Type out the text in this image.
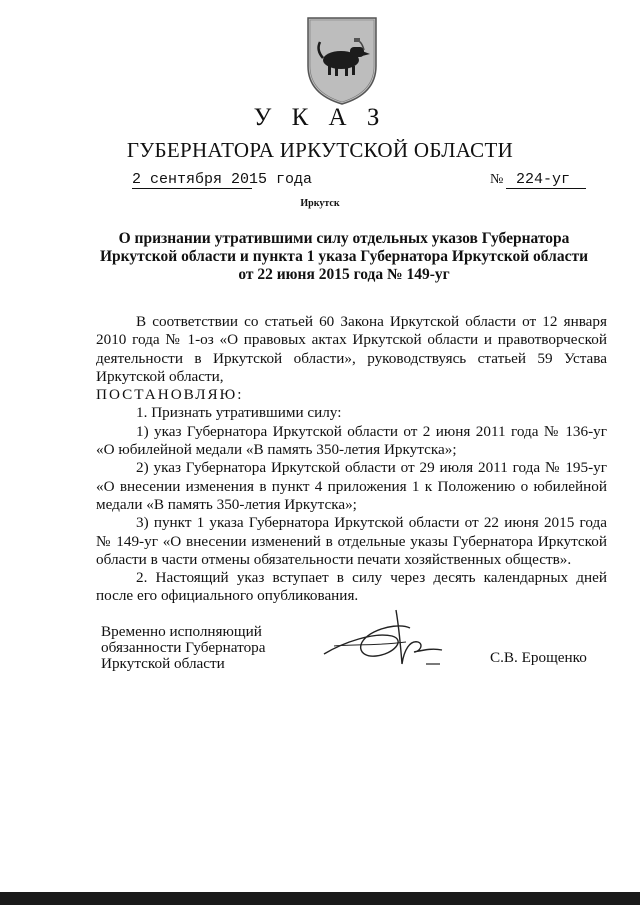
У К А З
ГУБЕРНАТОРА ИРКУТСКОЙ ОБЛАСТИ
2 сентября 2015 года	№ 224-уг
Иркутск
О признании утратившими силу отдельных указов Губернатора
Иркутской области и пункта 1 указа Губернатора Иркутской области
от 22 июня 2015 года № 149-уг

В соответствии со статьей 60 Закона Иркутской области от 12 января 2010 года № 1-оз «О правовых актах Иркутской области и правотворческой деятельности в Иркутской области», руководствуясь статьей 59 Устава Иркутской области,

ПОСТАНОВЛЯЮ:

1. Признать утратившими силу:

1) указ Губернатора Иркутской области от 2 июня 2011 года № 136-уг «О юбилейной медали «В память 350-летия Иркутска»;

2) указ Губернатора Иркутской области от 29 июля 2011 года № 195-уг «О внесении изменения в пункт 4 приложения 1 к Положению о юбилейной медали «В память 350-летия Иркутска»;

3) пункт 1 указа Губернатора Иркутской области от 22 июня 2015 года № 149-уг «О внесении изменений в отдельные указы Губернатора Иркутской области в части отмены обязательности печати хозяйственных обществ».

2. Настоящий указ вступает в силу через десять календарных дней после его официального опубликования.

Временно исполняющий
обязанности Губернатора
Иркутской области	С.В. Ерощенко
